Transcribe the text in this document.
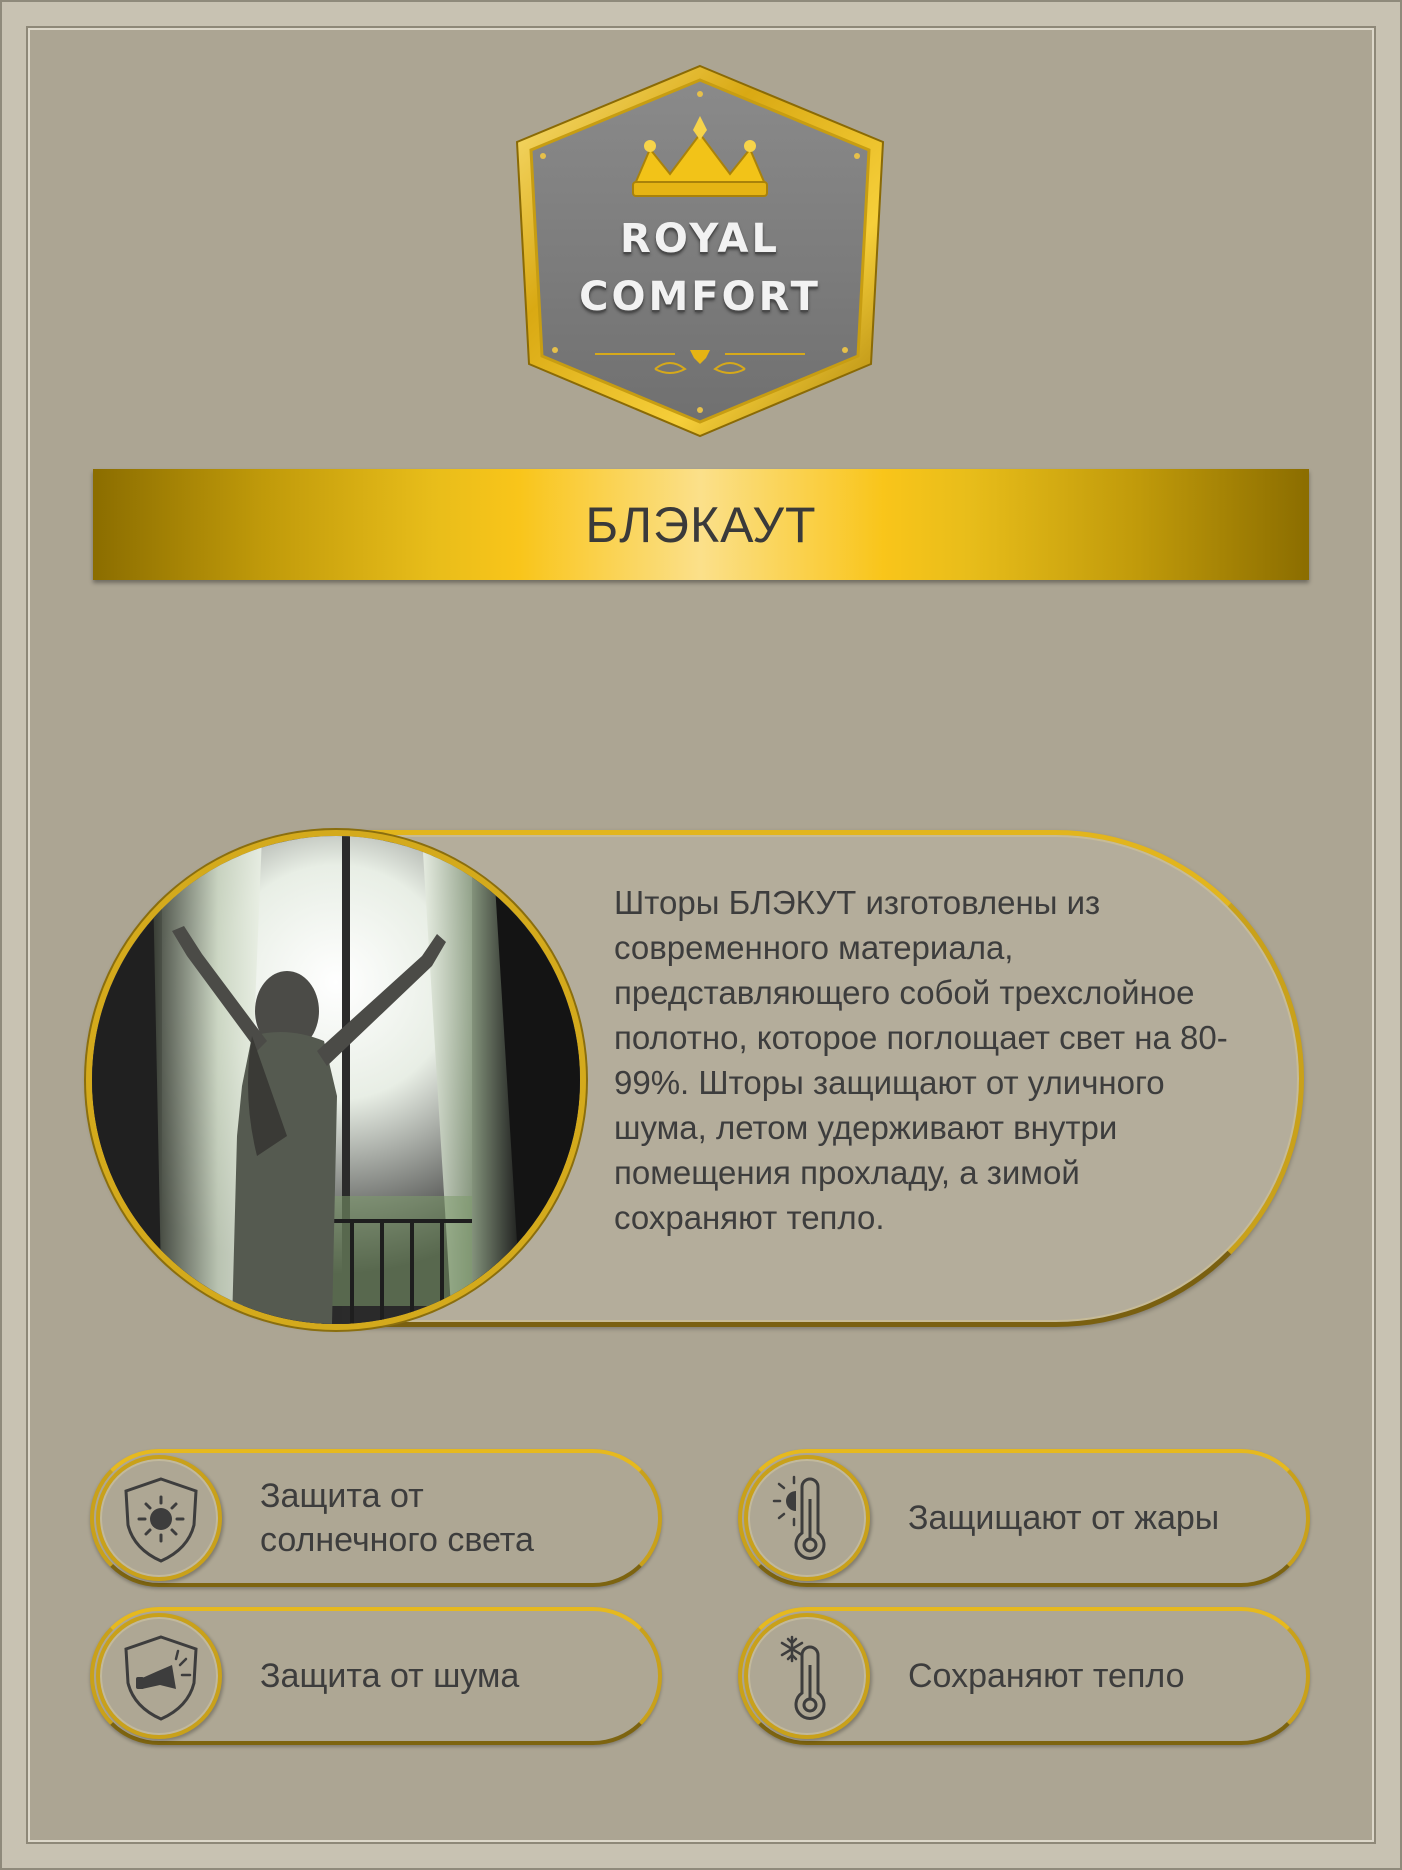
ROYAL
COMFORT
БЛЭКАУТ
Шторы БЛЭКУТ изготовлены из современного материала, представляющего собой трехслойное полотно, которое поглощает свет на 80-99%. Шторы защищают от уличного шума, летом удерживают внутри помещения прохладу, а зимой сохраняют тепло.
Защита от
солнечного света
Защищают от жары
Защита от шума	Сохраняют тепло
